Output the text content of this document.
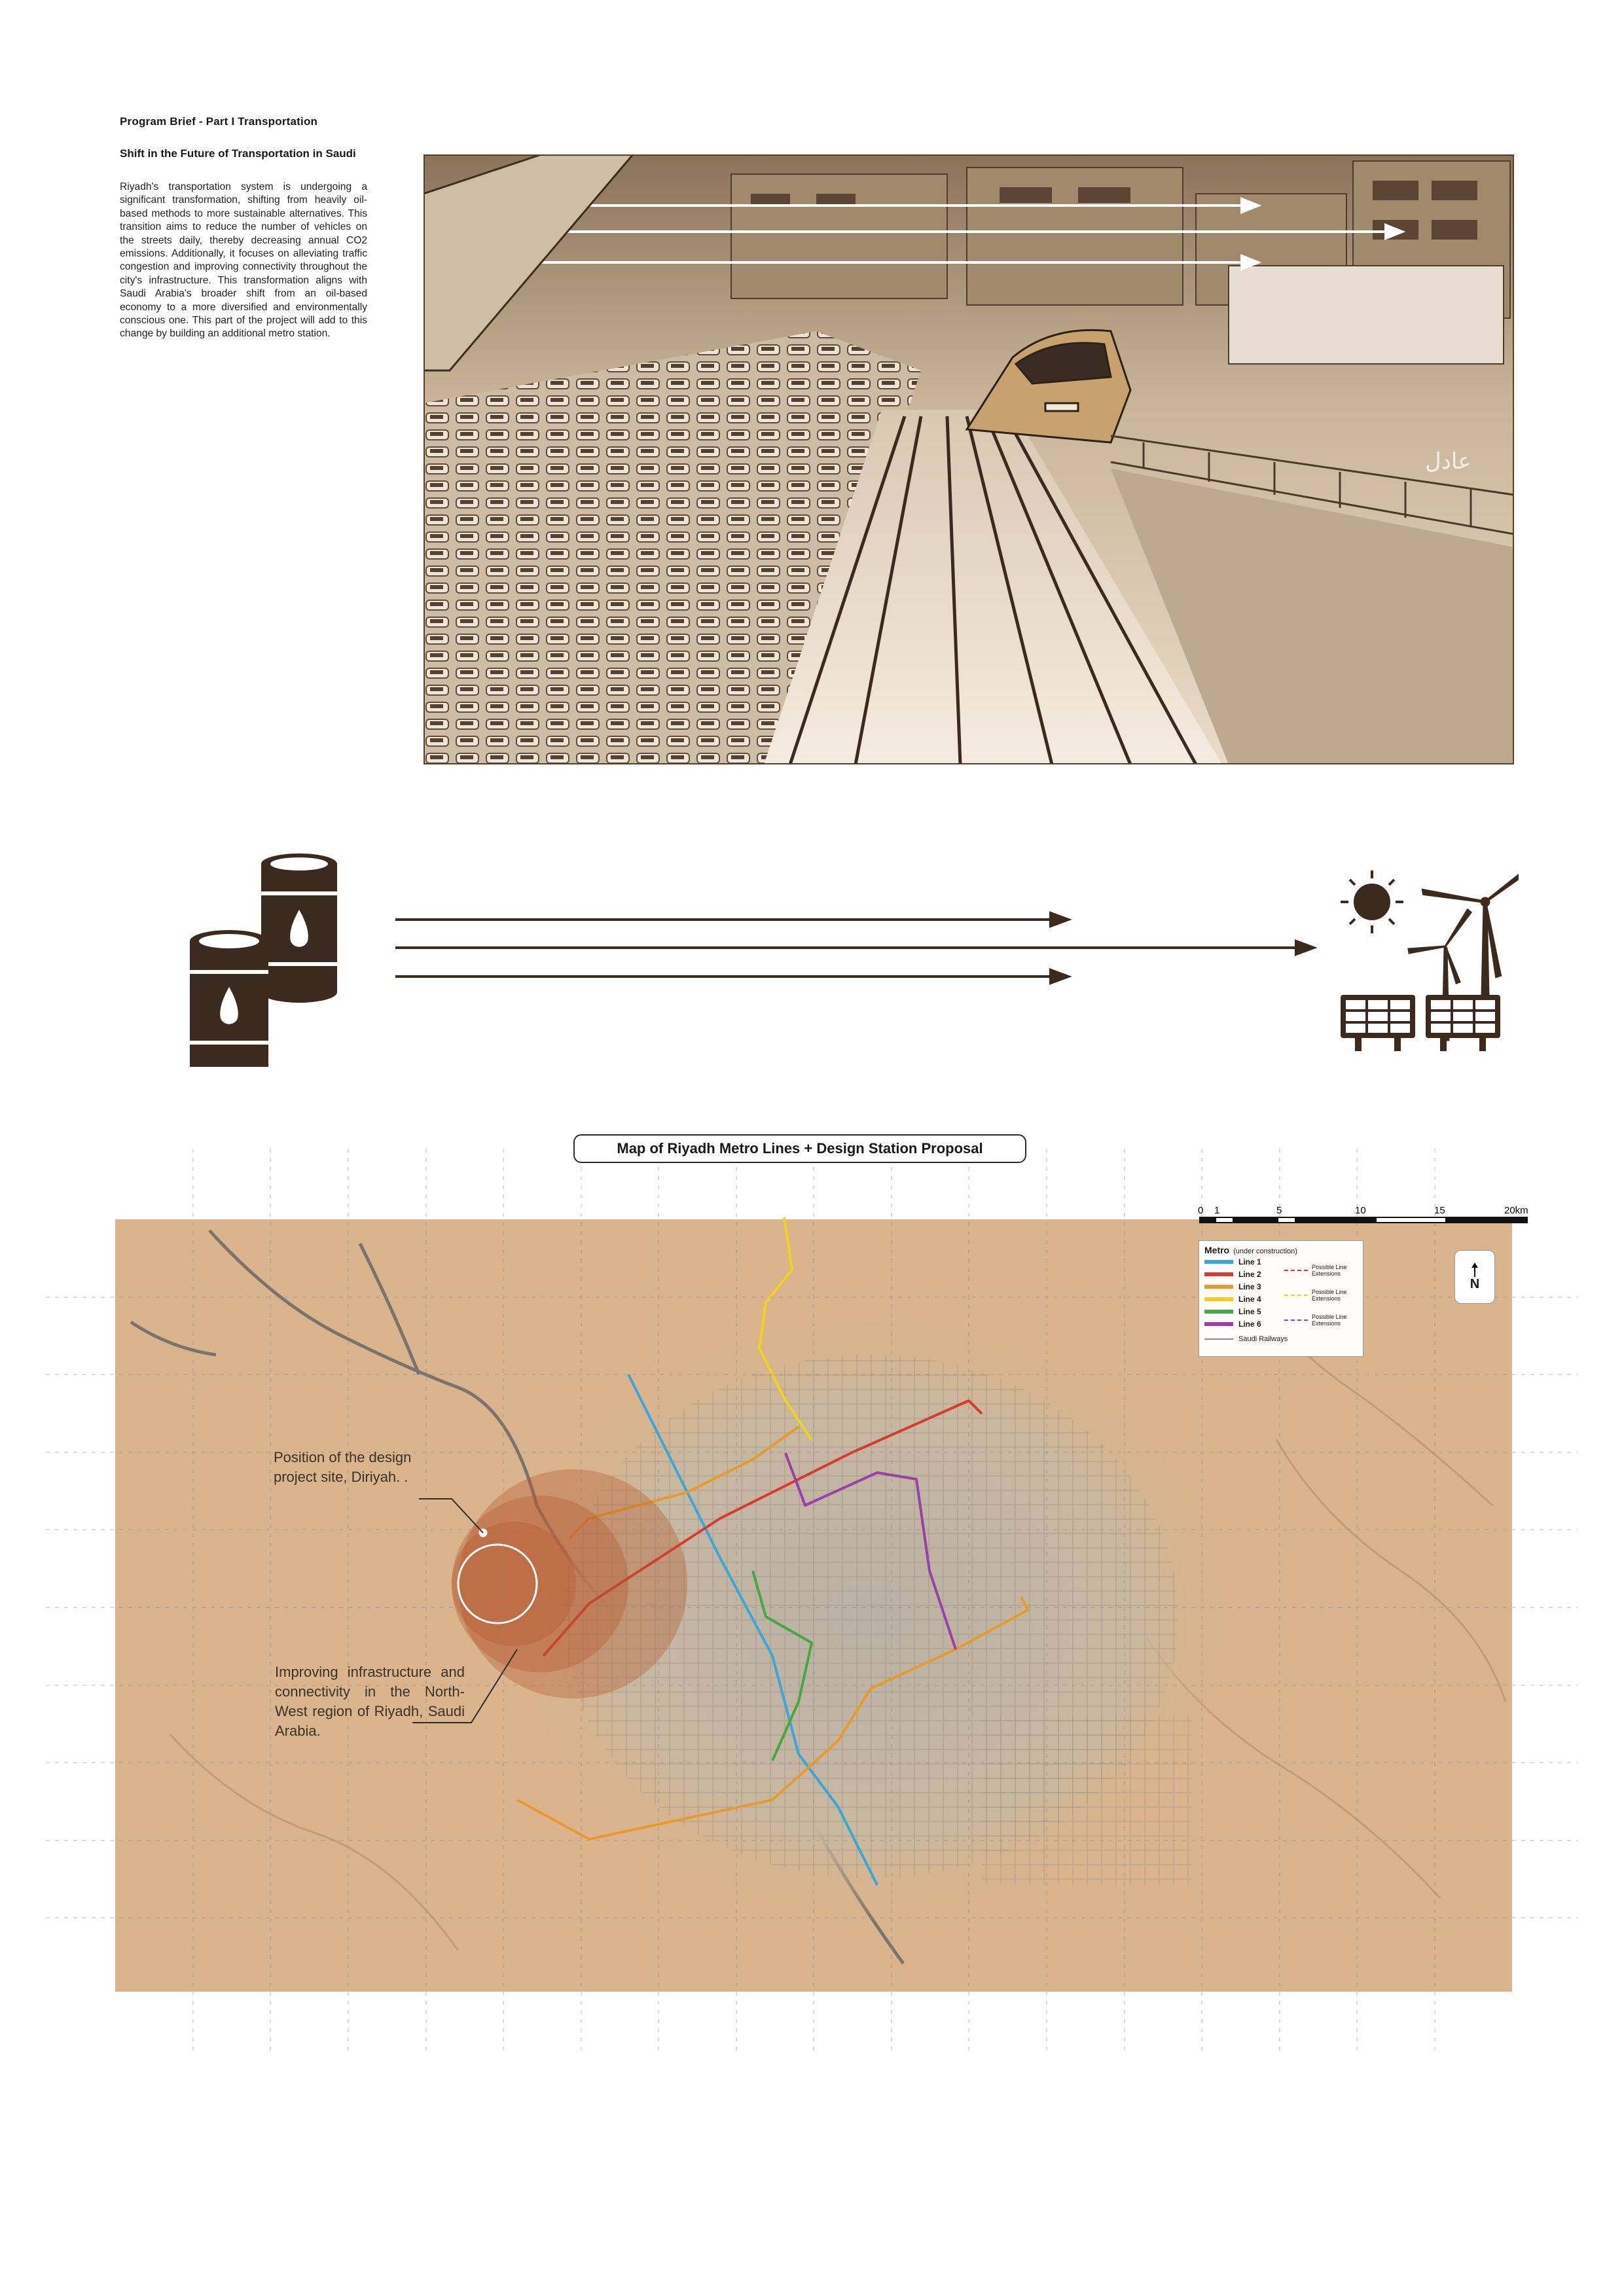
Program Brief - Part I Transportation
Shift in the Future of Transportation in Saudi
Riyadh's transportation system is undergoing a significant transformation, shifting from heavily oil-based methods to more sustainable alternatives. This transition aims to reduce the number of vehicles on the streets daily, thereby decreasing annual CO2 emissions. Additionally, it focuses on alleviating traffic congestion and improving connectivity throughout the city's infrastructure. This transformation aligns with Saudi Arabia's broader shift from an oil-based economy to a more diversified and environmentally conscious one. This part of the project will add to this change by building an additional metro station.
عادل
Map of Riyadh Metro Lines + Design Station Proposal
0 1	5	10	15	20km
Metro (under construction)
Line 1
Line 2
Line 3
Line 4
Line 5
Line 6
Possible Line Extensions
Possible Line Extensions
Possible Line Extensions
Saudi Railways
N
Position of the design project site, Diriyah. .
Improving infrastructure and connectivity in the North-West region of Riyadh, Saudi Arabia.
